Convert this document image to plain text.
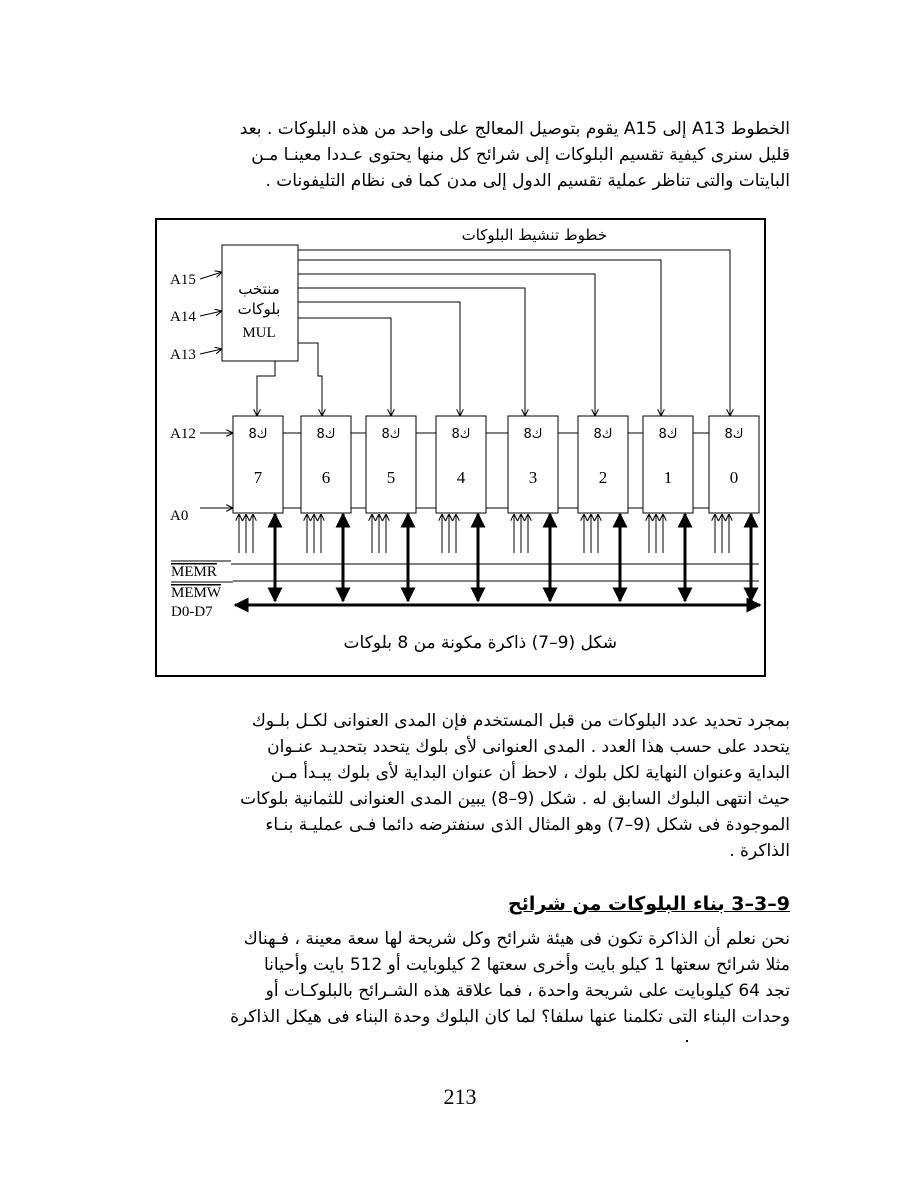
الخطوط A13 إلى A15 يقوم بتوصيل المعالج على واحد من هذه البلوكات . بعد

قليل سنرى كيفية تقسيم البلوكات إلى شرائح كل منها يحتوى عـددا معينـا مـن

البايتات والتى تناظر عملية تقسيم الدول إلى مدن كما فى نظام التليفونات .

خطوط تنشيط البلوكات
منتخب
بلوكات
MUL
A15
A14
A13
A12
A0
8ك
7
8ك
6
8ك
5
8ك
4
8ك
3
8ك
2
8ك
1
8ك
0
MEMR
MEMW
D0-D7
شكل (9–7) ذاكرة مكونة من 8 بلوكات

بمجرد تحديد عدد البلوكات من قبل المستخدم فإن المدى العنوانى لكـل بلـوك

يتحدد على حسب هذا العدد . المدى العنوانى لأى بلوك يتحدد بتحديـد عنـوان

البداية وعنوان النهاية لكل بلوك ، لاحظ أن عنوان البداية لأى بلوك يبـدأ مـن

حيث انتهى البلوك السابق له . شكل (9–8) يبين المدى العنوانى للثمانية بلوكات

الموجودة فى شكل (9–7) وهو المثال الذى سنفترضه دائما فـى عمليـة بنـاء

الذاكرة .

9–3–3 بناء البلوكات من شرائح

نحن نعلم أن الذاكرة تكون فى هيئة شرائح وكل شريحة لها سعة معينة ، فـهناك

مثلا شرائح سعتها 1 كيلو بايت وأخرى سعتها 2 كيلوبايت أو 512 بايت وأحيانا

تجد 64 كيلوبايت على شريحة واحدة ، فما علاقة هذه الشـرائح بالبلوكـات أو

وحدات البناء التى تكلمنا عنها سلفا؟ لما كان البلوك وحدة البناء فى هيكل الذاكرة

213
